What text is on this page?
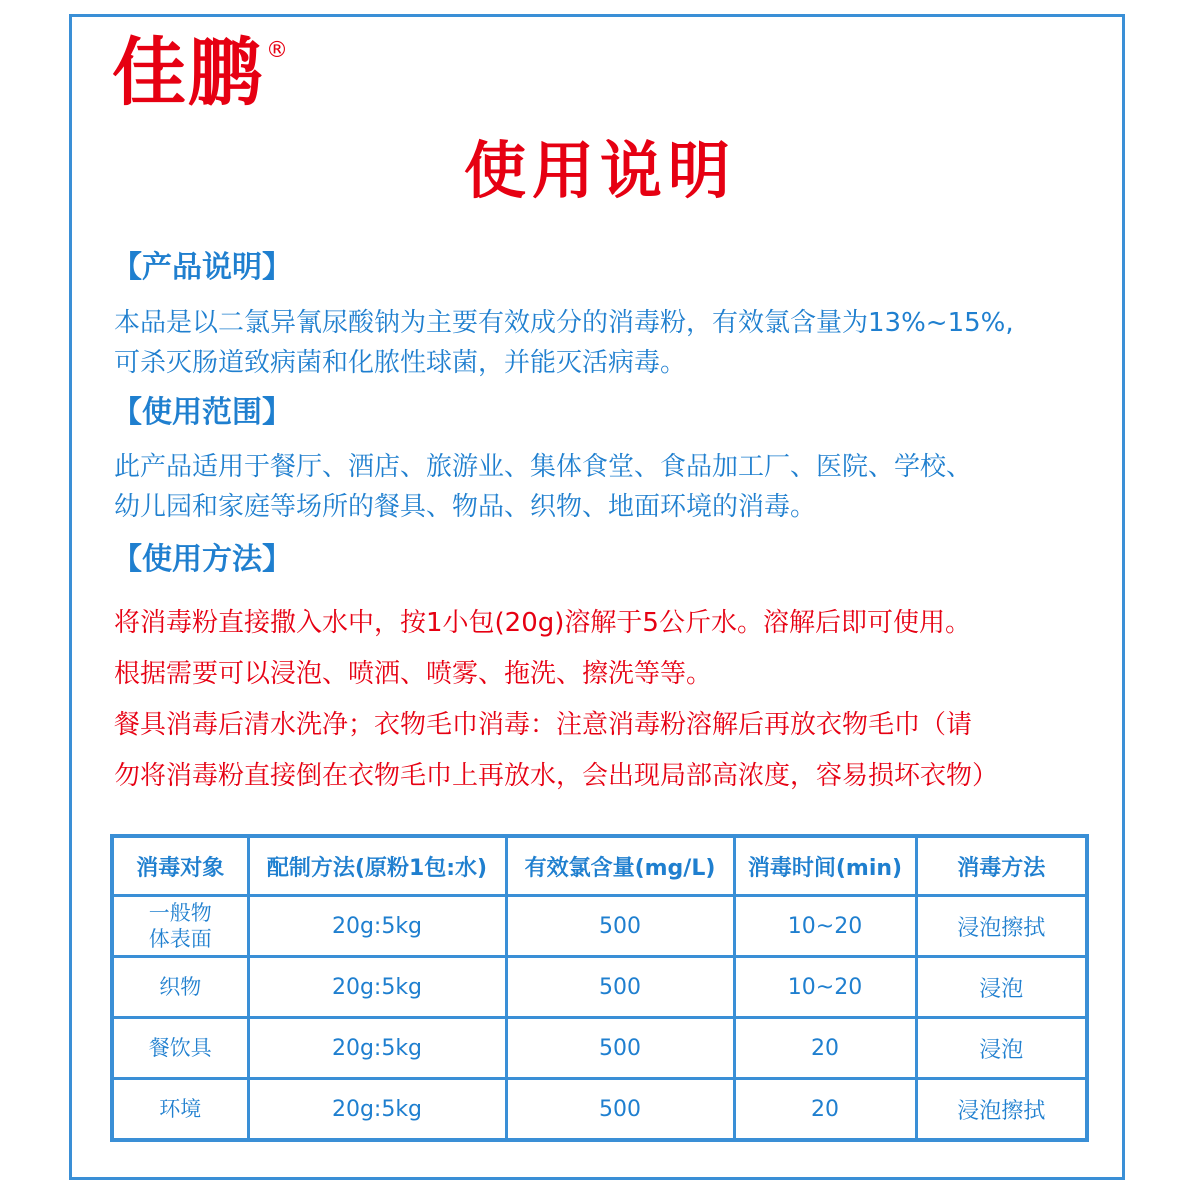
佳鹏®
使用说明
【产品说明】
本品是以二氯异氰尿酸钠为主要有效成分的消毒粉，有效氯含量为13%~15%,
可杀灭肠道致病菌和化脓性球菌，并能灭活病毒。
【使用范围】
此产品适用于餐厅、酒店、旅游业、集体食堂、食品加工厂、医院、学校、
幼儿园和家庭等场所的餐具、物品、织物、地面环境的消毒。
【使用方法】
将消毒粉直接撒入水中，按1小包(20g)溶解于5公斤水。溶解后即可使用。
根据需要可以浸泡、喷洒、喷雾、拖洗、擦洗等等。
餐具消毒后清水洗净；衣物毛巾消毒：注意消毒粉溶解后再放衣物毛巾（请
勿将消毒粉直接倒在衣物毛巾上再放水，会出现局部高浓度，容易损坏衣物）
消毒对象	配制方法(原粉1包:水)	有效氯含量(mg/L)	消毒时间(min)	消毒方法

一般物
体表面	20g:5kg	500	10~20	浸泡擦拭

织物	20g:5kg	500	10~20	浸泡

餐饮具	20g:5kg	500	20	浸泡

环境	20g:5kg	500	20	浸泡擦拭
